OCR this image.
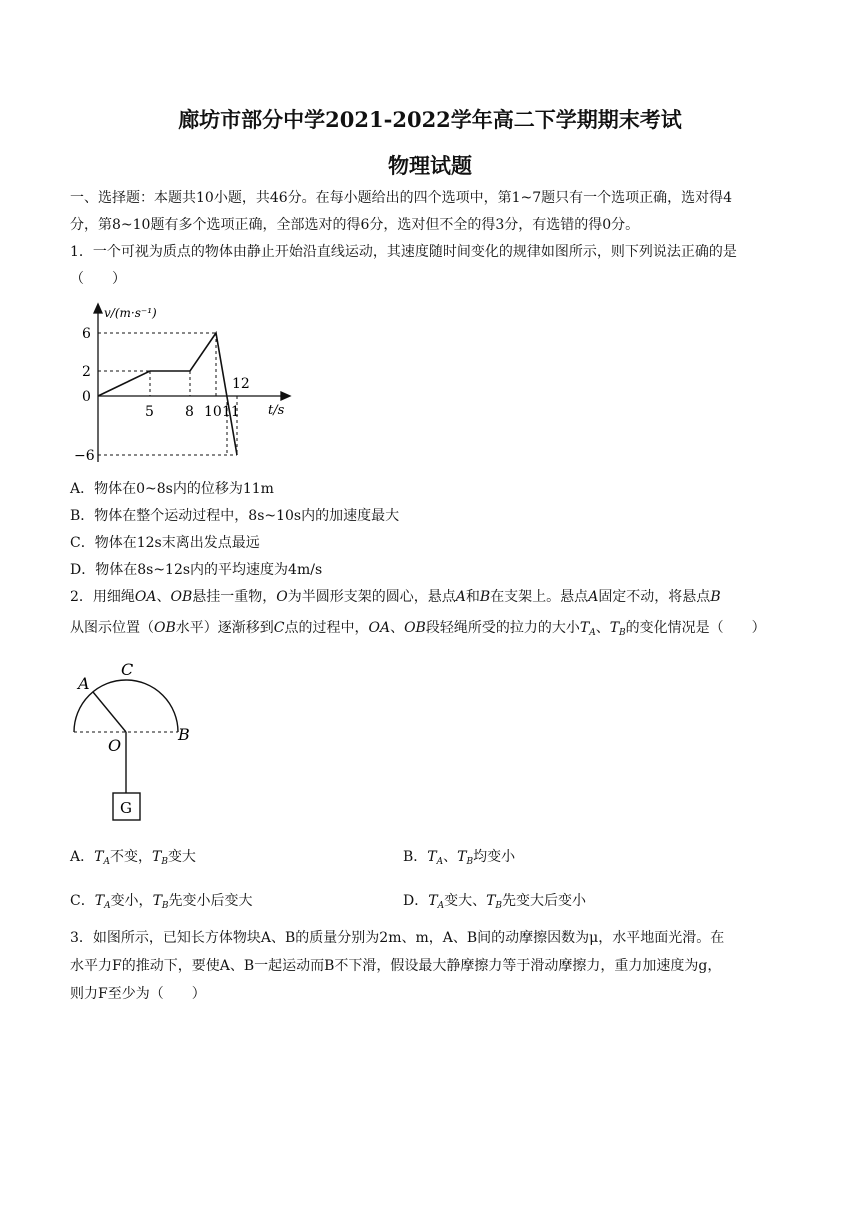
廊坊市部分中学2021-2022学年高二下学期期末考试
物理试题
一、选择题：本题共10小题，共46分。在每小题给出的四个选项中，第1~7题只有一个选项正确，选对得4
分，第8~10题有多个选项正确，全部选对的得6分，选对但不全的得3分，有选错的得0分。
1．一个可视为质点的物体由静止开始沿直线运动，其速度随时间变化的规律如图所示，则下列说法正确的是
（　　）
v/(m·s⁻¹)
t/s
6
2
0
−6
5 8 10 11
12
A．物体在0~8s内的位移为11m
B．物体在整个运动过程中，8s~10s内的加速度最大
C．物体在12s末离出发点最远
D．物体在8s~12s内的平均速度为4m/s
2．用细绳OA、OB悬挂一重物，O为半圆形支架的圆心，悬点A和B在支架上。悬点A固定不动，将悬点B
从图示位置（OB水平）逐渐移到C点的过程中，OA、OB段轻绳所受的拉力的大小$T_A$、$T_B$的变化情况是（　　）
A
C
O
B
G
A．$T_A$不变，$T_B$变大	B．$T_A$、$T_B$均变小
C．$T_A$变小，$T_B$先变小后变大	D．$T_A$变大、$T_B$先变大后变小
3．如图所示，已知长方体物块A、B的质量分别为2m、m，A、B间的动摩擦因数为μ，水平地面光滑。在
水平力F的推动下，要使A、B一起运动而B不下滑，假设最大静摩擦力等于滑动摩擦力，重力加速度为g，
则力F至少为（　　）
